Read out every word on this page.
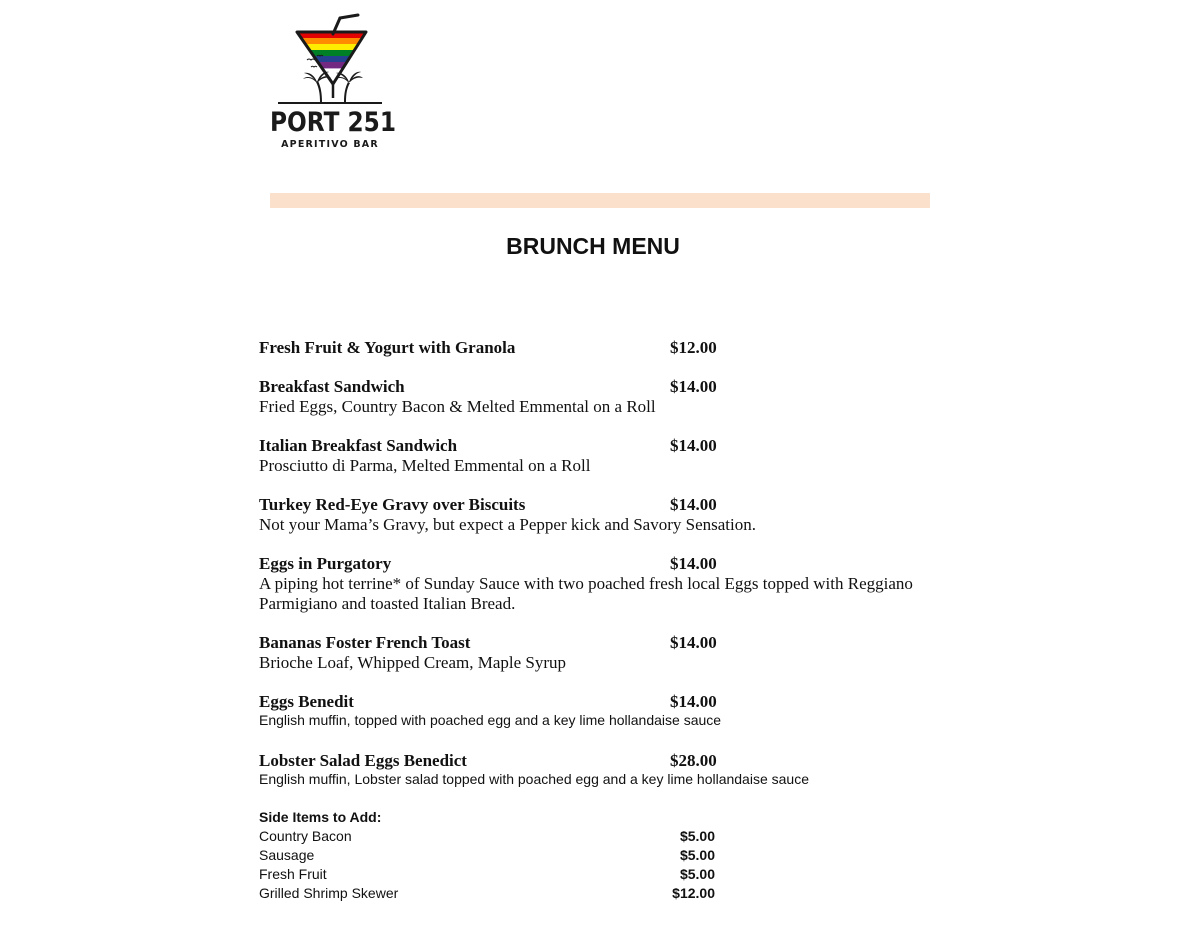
PORT 251
APERITIVO BAR
BRUNCH MENU
Fresh Fruit & Yogurt with Granola	$12.00
Breakfast Sandwich	$14.00
Fried Eggs, Country Bacon & Melted Emmental on a Roll
Italian Breakfast Sandwich	$14.00
Prosciutto di Parma, Melted Emmental on a Roll
Turkey Red-Eye Gravy over Biscuits	$14.00
Not your Mama’s Gravy, but expect a Pepper kick and Savory Sensation.
Eggs in Purgatory	$14.00
A piping hot terrine* of Sunday Sauce with two poached fresh local Eggs topped with Reggiano Parmigiano and toasted Italian Bread.
Bananas Foster French Toast	$14.00
Brioche Loaf, Whipped Cream, Maple Syrup
Eggs Benedit	$14.00
English muffin, topped with poached egg and a key lime hollandaise sauce
Lobster Salad Eggs Benedict	$28.00
English muffin, Lobster salad topped with poached egg and a key lime hollandaise sauce
Side Items to Add:
Country Bacon	$5.00
Sausage	$5.00
Fresh Fruit	$5.00
Grilled Shrimp Skewer	$12.00
